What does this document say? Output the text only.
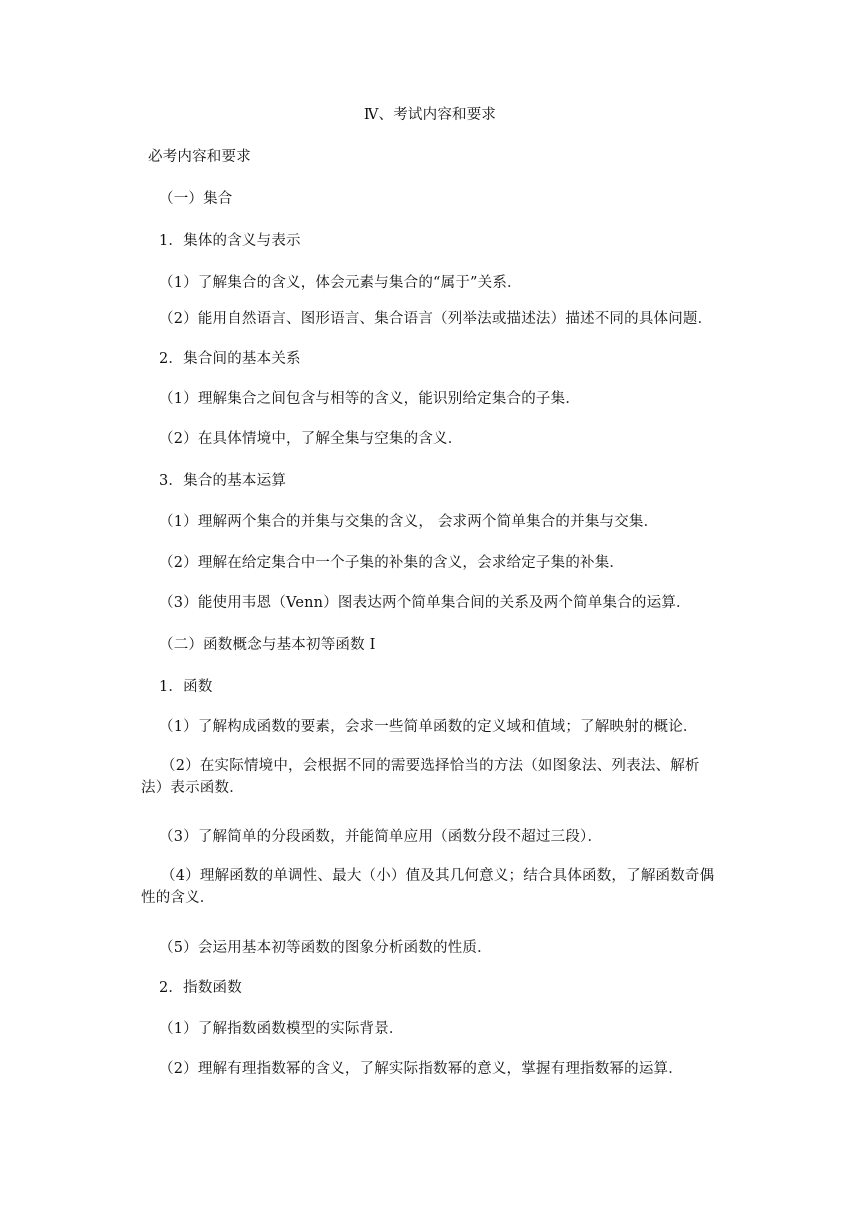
Ⅳ、考试内容和要求
必考内容和要求
（一）集合
1．集体的含义与表示
（1）了解集合的含义，体会元素与集合的“属于”关系．
（2）能用自然语言、图形语言、集合语言（列举法或描述法）描述不同的具体问题．
2．集合间的基本关系
（1）理解集合之间包含与相等的含义，能识别给定集合的子集．
（2）在具体情境中，了解全集与空集的含义．
3．集合的基本运算
（1）理解两个集合的并集与交集的含义， 会求两个简单集合的并集与交集．
（2）理解在给定集合中一个子集的补集的含义，会求给定子集的补集．
（3）能使用韦恩（Venn）图表达两个简单集合间的关系及两个简单集合的运算．
（二）函数概念与基本初等函数 I
1．函数
（1）了解构成函数的要素，会求一些简单函数的定义域和值域；了解映射的概论．
（2）在实际情境中，会根据不同的需要选择恰当的方法（如图象法、列表法、解析法）表示函数．
（3）了解简单的分段函数，并能简单应用（函数分段不超过三段）．
（4）理解函数的单调性、最大（小）值及其几何意义；结合具体函数，了解函数奇偶性的含义．
（5）会运用基本初等函数的图象分析函数的性质．
2．指数函数
（1）了解指数函数模型的实际背景．
（2）理解有理指数幂的含义，了解实际指数幂的意义，掌握有理指数幂的运算．
